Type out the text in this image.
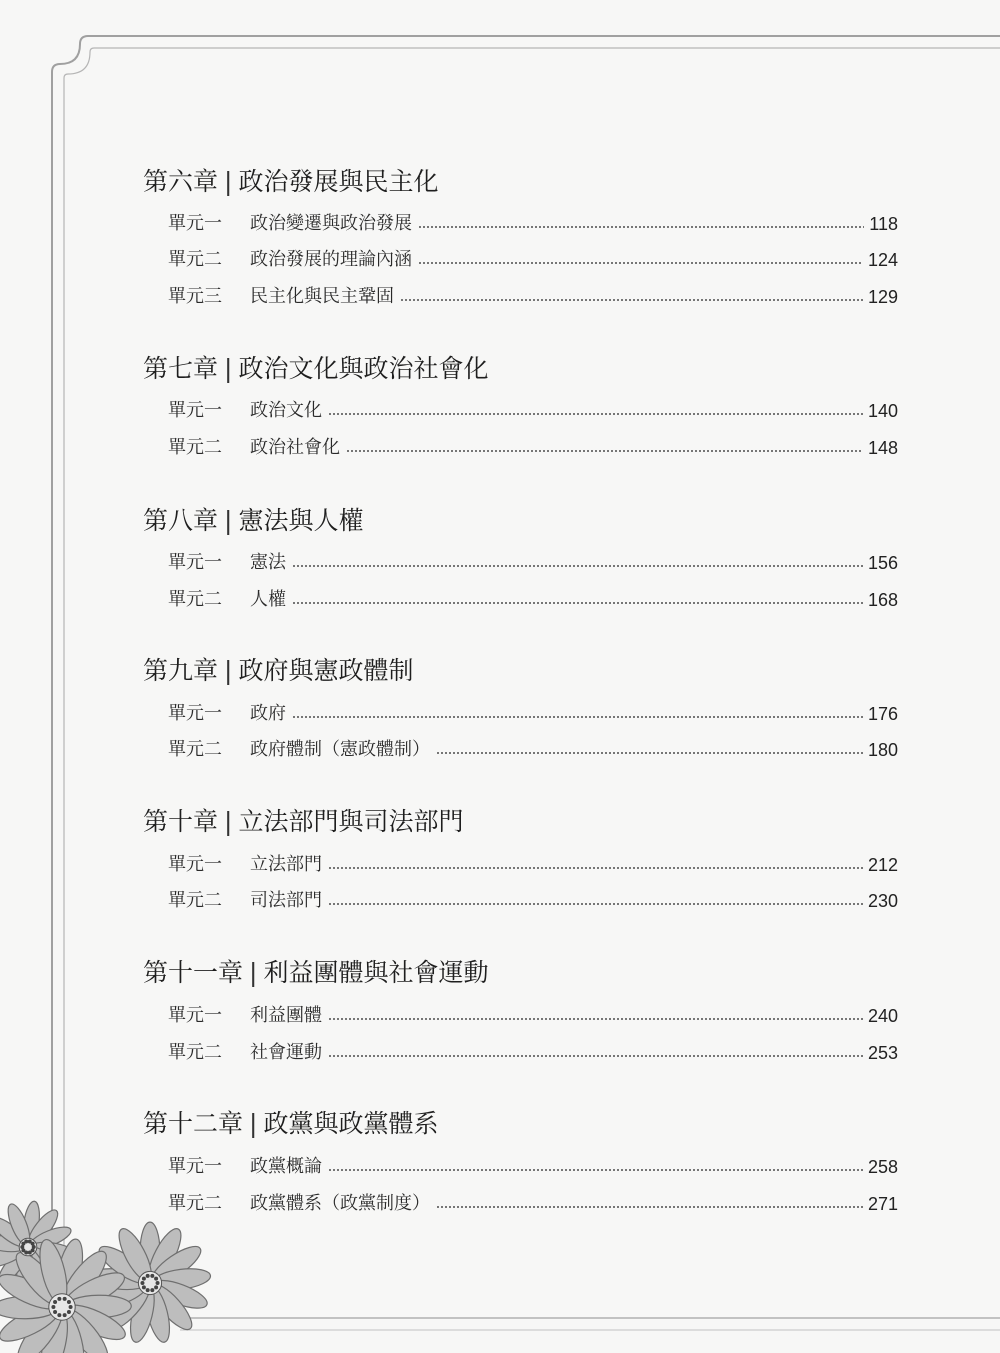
第六章 | 政治發展與民主化
單元一	政治變遷與政治發展	118
單元二	政治發展的理論內涵	124
單元三	民主化與民主鞏固	129
第七章 | 政治文化與政治社會化
單元一	政治文化	140
單元二	政治社會化	148
第八章 | 憲法與人權
單元一	憲法	156
單元二	人權	168
第九章 | 政府與憲政體制
單元一	政府	176
單元二	政府體制（憲政體制）	180
第十章 | 立法部門與司法部門
單元一	立法部門	212
單元二	司法部門	230
第十一章 | 利益團體與社會運動
單元一	利益團體	240
單元二	社會運動	253
第十二章 | 政黨與政黨體系
單元一	政黨概論	258
單元二	政黨體系（政黨制度）	271
